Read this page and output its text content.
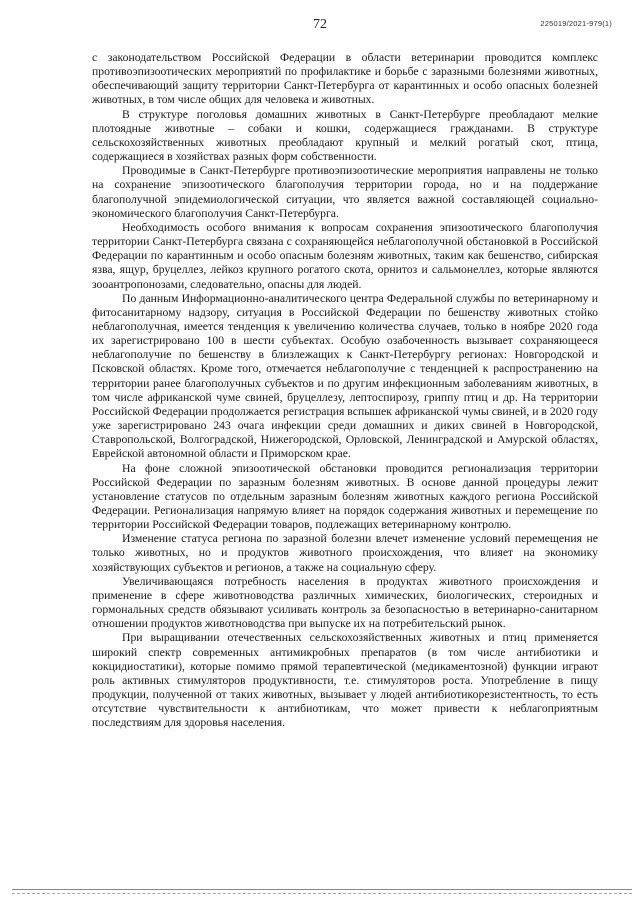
72	225019/2021-979(1)

с законодательством Российской Федерации в области ветеринарии проводится комплекс противоэпизоотических мероприятий по профилактике и борьбе с заразными болезнями животных, обеспечивающий защиту территории Санкт-Петербурга от карантинных и особо опасных болезней животных, в том числе общих для человека и животных.

В структуре поголовья домашних животных в Санкт-Петербурге преобладают мелкие плотоядные животные – собаки и кошки, содержащиеся гражданами. В структуре сельскохозяйственных животных преобладают крупный и мелкий рогатый скот, птица, содержащиеся в хозяйствах разных форм собственности.

Проводимые в Санкт-Петербурге противоэпизоотические мероприятия направлены не только на сохранение эпизоотического благополучия территории города, но и на поддержание благополучной эпидемиологической ситуации, что является важной составляющей социально-экономического благополучия Санкт-Петербурга.

Необходимость особого внимания к вопросам сохранения эпизоотического благополучия территории Санкт-Петербурга связана с сохраняющейся неблагополучной обстановкой в Российской Федерации по карантинным и особо опасным болезням животных, таким как бешенство, сибирская язва, ящур, бруцеллез, лейкоз крупного рогатого скота, орнитоз и сальмонеллез, которые являются зооантропонозами, следовательно, опасны для людей.

По данным Информационно-аналитического центра Федеральной службы по ветеринарному и фитосанитарному надзору, ситуация в Российской Федерации по бешенству животных стойко неблагополучная, имеется тенденция к увеличению количества случаев, только в ноябре 2020 года их зарегистрировано 100 в шести субъектах. Особую озабоченность вызывает сохраняющееся неблагополучие по бешенству в близлежащих к Санкт-Петербургу регионах: Новгородской и Псковской областях. Кроме того, отмечается неблагополучие с тенденцией к распространению на территории ранее благополучных субъектов и по другим инфекционным заболеваниям животных, в том числе африканской чуме свиней, бруцеллезу, лептоспирозу, гриппу птиц и др. На территории Российской Федерации продолжается регистрация вспышек африканской чумы свиней, и в 2020 году уже зарегистрировано 243 очага инфекции среди домашних и диких свиней в Новгородской, Ставропольской, Волгоградской, Нижегородской, Орловской, Ленинградской и Амурской областях, Еврейской автономной области и Приморском крае.

На фоне сложной эпизоотической обстановки проводится регионализация территории Российской Федерации по заразным болезням животных. В основе данной процедуры лежит установление статусов по отдельным заразным болезням животных каждого региона Российской Федерации. Регионализация напрямую влияет на порядок содержания животных и перемещение по территории Российской Федерации товаров, подлежащих ветеринарному контролю.

Изменение статуса региона по заразной болезни влечет изменение условий перемещения не только животных, но и продуктов животного происхождения, что влияет на экономику хозяйствующих субъектов и регионов, а также на социальную сферу.

Увеличивающаяся потребность населения в продуктах животного происхождения и применение в сфере животноводства различных химических, биологических, стероидных и гормональных средств обязывают усиливать контроль за безопасностью в ветеринарно-санитарном отношении продуктов животноводства при выпуске их на потребительский рынок.

При выращивании отечественных сельскохозяйственных животных и птиц применяется широкий спектр современных антимикробных препаратов (в том числе антибиотики и кокцидиостатики), которые помимо прямой терапевтической (медикаментозной) функции играют роль активных стимуляторов продуктивности, т.е. стимуляторов роста. Употребление в пищу продукции, полученной от таких животных, вызывает у людей антибиотикорезистентность, то есть отсутствие чувствительности к антибиотикам, что может привести к неблагоприятным последствиям для здоровья населения.
